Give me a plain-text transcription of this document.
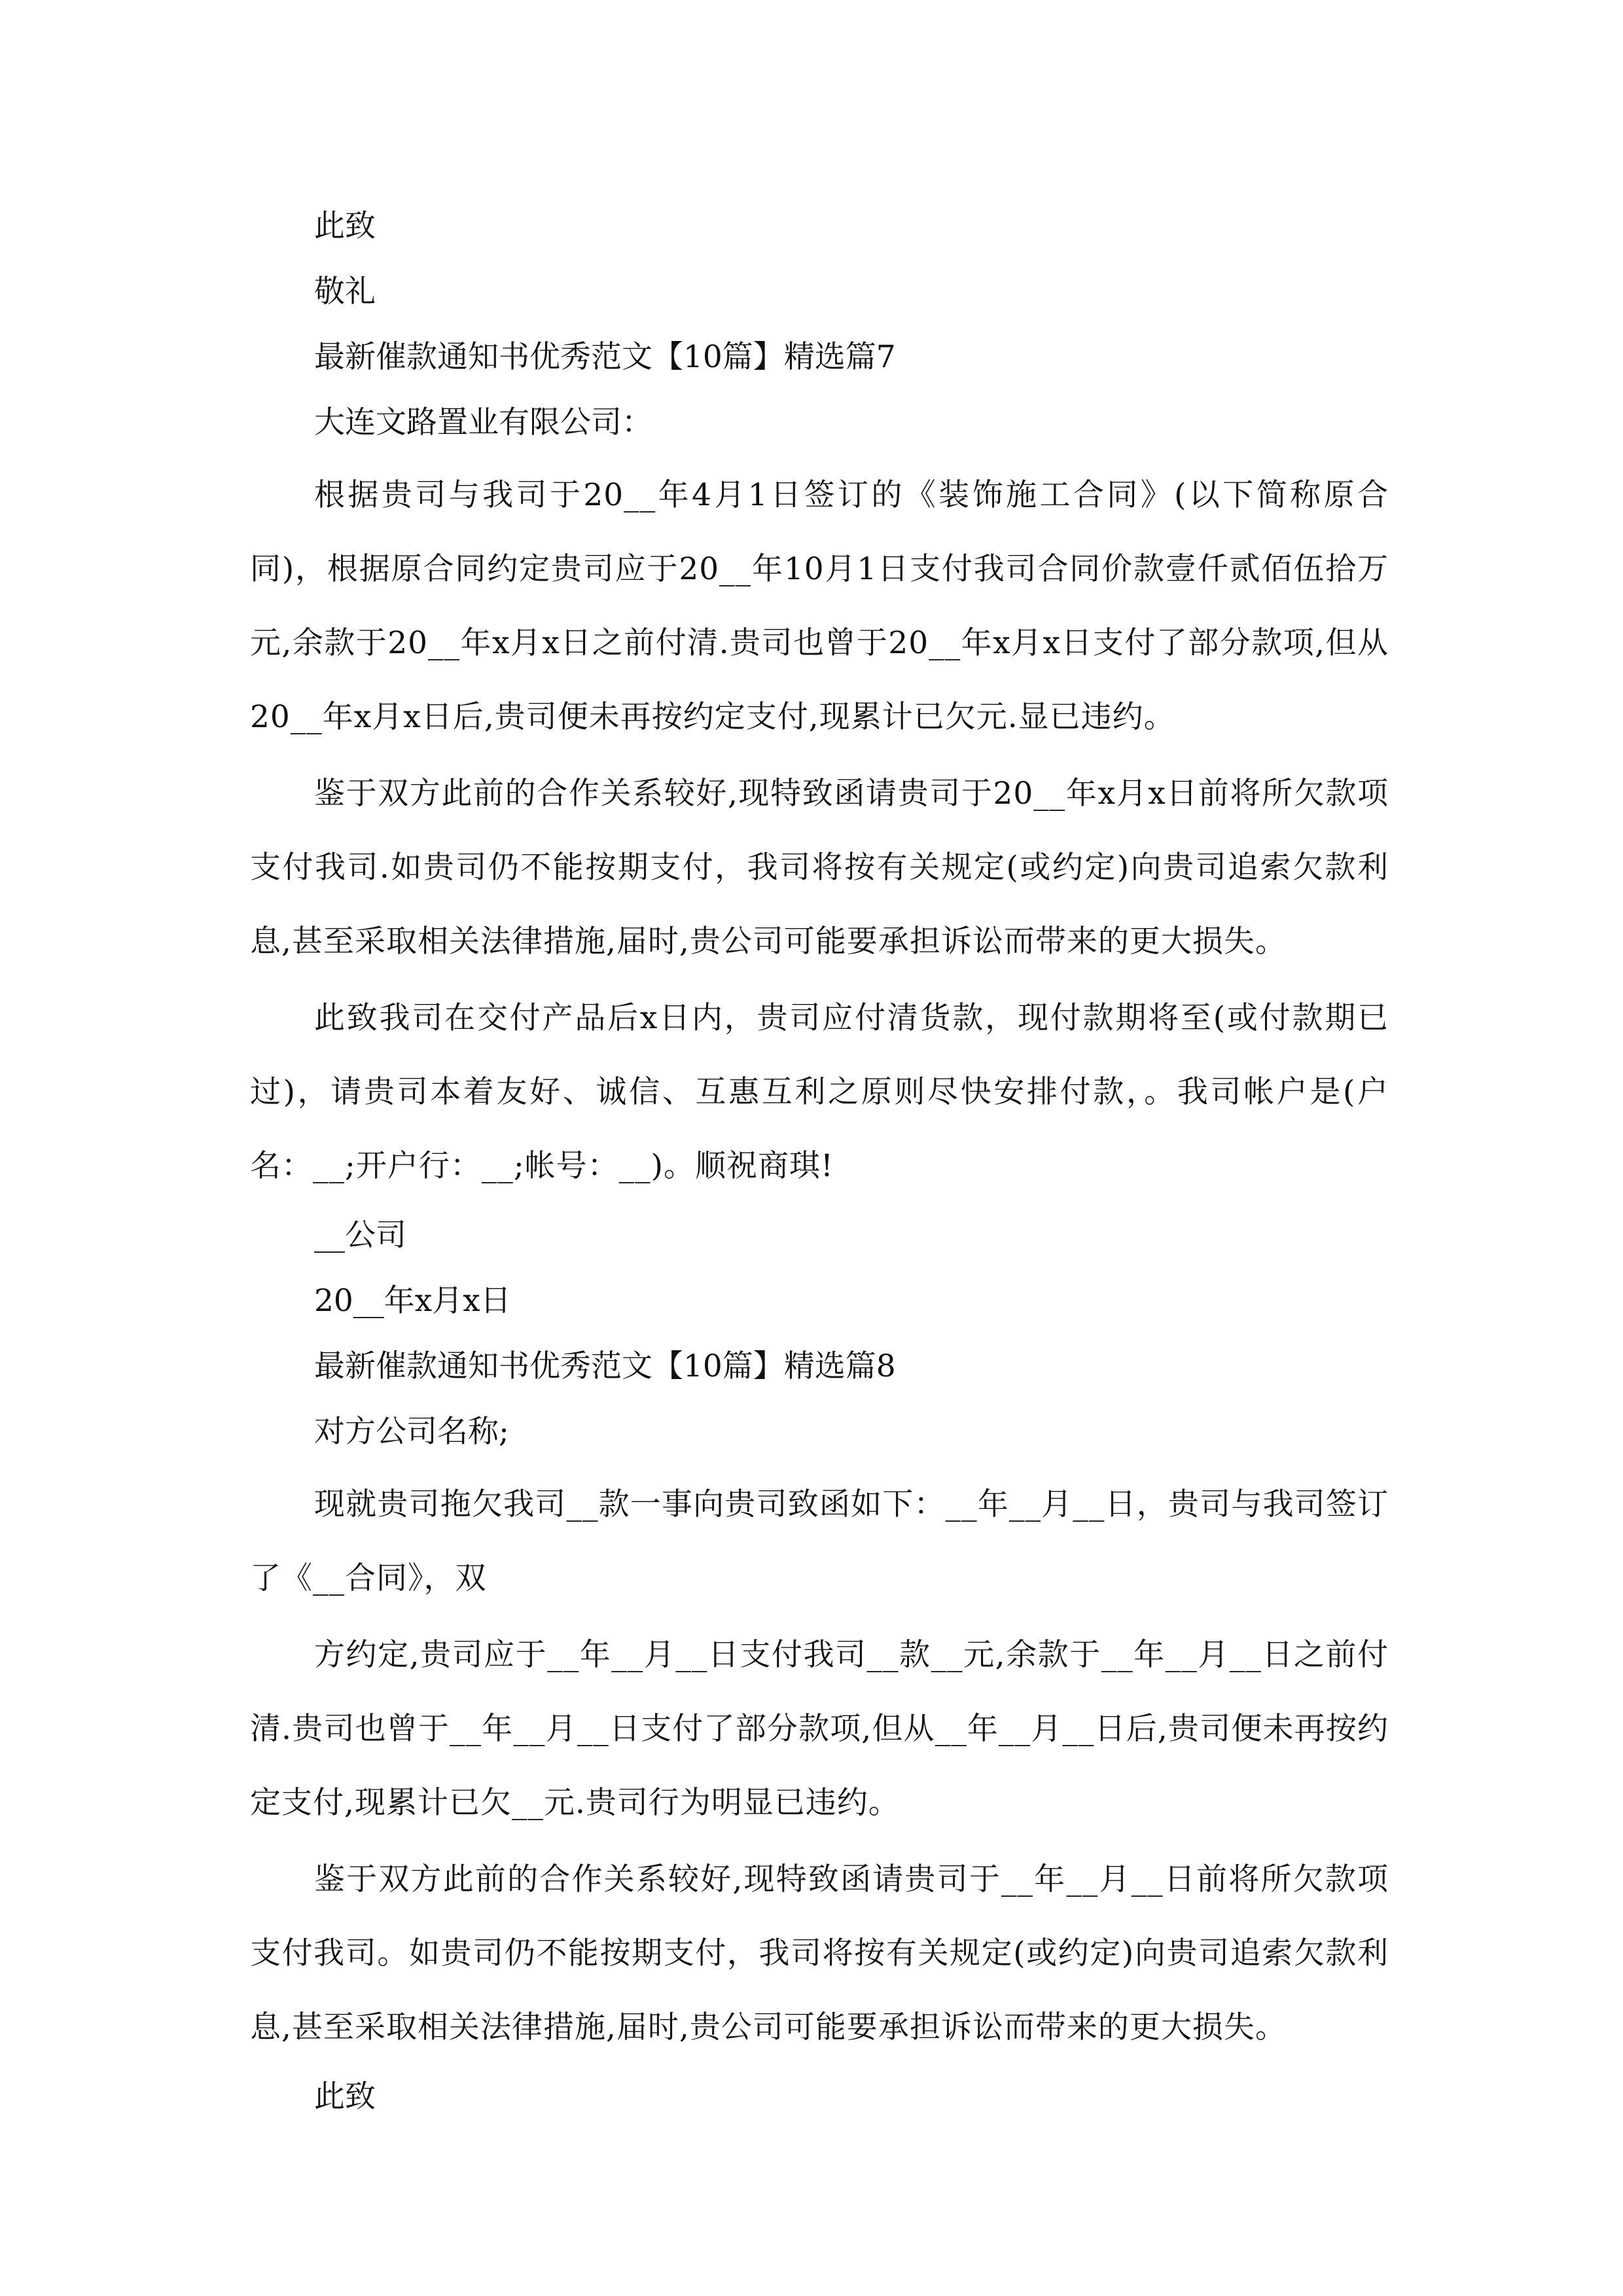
此致
敬礼
最新催款通知书优秀范文【10篇】精选篇7
大连文路置业有限公司：
根据贵司与我司于20__年4月1日签订的《装饰施工合同》(以下简称原合同)，根据原合同约定贵司应于20__年10月1日支付我司合同价款壹仟贰佰伍拾万元,余款于20__年x月x日之前付清.贵司也曾于20__年x月x日支付了部分款项,但从20__年x月x日后,贵司便未再按约定支付,现累计已欠元.显已违约。
鉴于双方此前的合作关系较好,现特致函请贵司于20__年x月x日前将所欠款项支付我司.如贵司仍不能按期支付，我司将按有关规定(或约定)向贵司追索欠款利息,甚至采取相关法律措施,届时,贵公司可能要承担诉讼而带来的更大损失。
此致我司在交付产品后x日内，贵司应付清货款，现付款期将至(或付款期已过)，请贵司本着友好、诚信、互惠互利之原则尽快安排付款，。我司帐户是(户名：__;开户行：__;帐号：__)。顺祝商琪!
__公司
20__年x月x日
最新催款通知书优秀范文【10篇】精选篇8
对方公司名称;
现就贵司拖欠我司__款一事向贵司致函如下：__年__月__日，贵司与我司签订了《__合同》，双
方约定,贵司应于__年__月__日支付我司__款__元,余款于__年__月__日之前付清.贵司也曾于__年__月__日支付了部分款项,但从__年__月__日后,贵司便未再按约定支付,现累计已欠__元.贵司行为明显已违约。
鉴于双方此前的合作关系较好,现特致函请贵司于__年__月__日前将所欠款项支付我司。如贵司仍不能按期支付，我司将按有关规定(或约定)向贵司追索欠款利息,甚至采取相关法律措施,届时,贵公司可能要承担诉讼而带来的更大损失。
此致
